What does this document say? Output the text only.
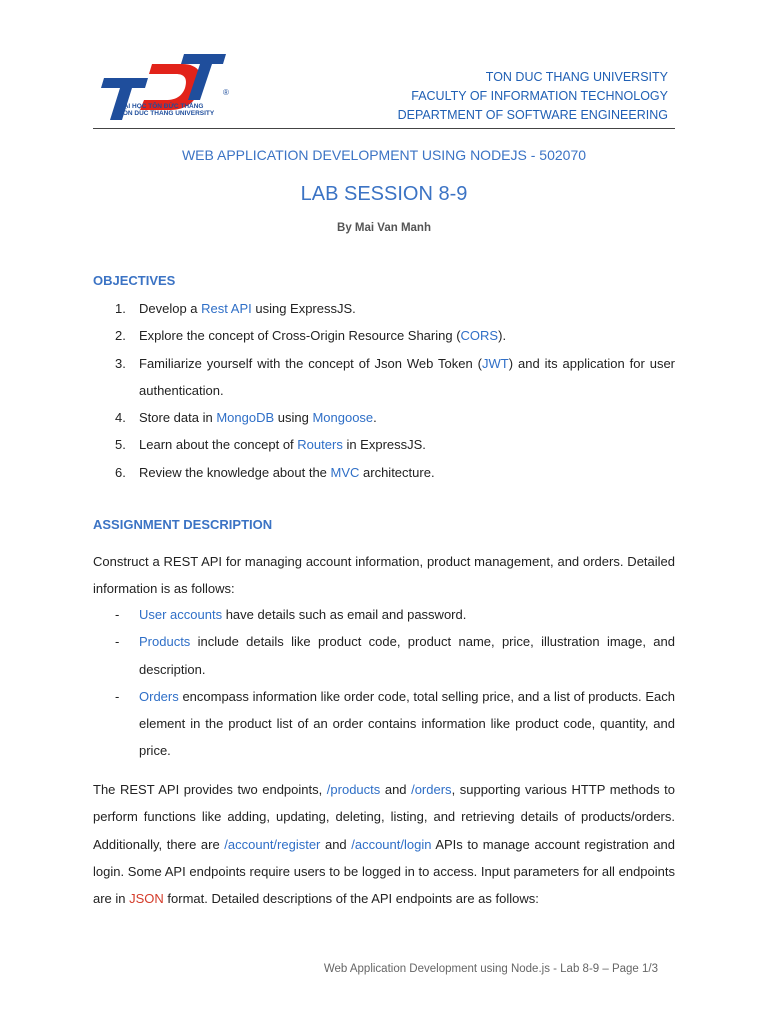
TDT
®
ĐẠI HỌC TÔN ĐỨC THẮNG
TON DUC THANG UNIVERSITY
TON DUC THANG UNIVERSITY
FACULTY OF INFORMATION TECHNOLOGY
DEPARTMENT OF SOFTWARE ENGINEERING
WEB APPLICATION DEVELOPMENT USING NODEJS - 502070
LAB SESSION 8-9
By Mai Van Manh
OBJECTIVES
1. Develop a Rest API using ExpressJS.
2. Explore the concept of Cross-Origin Resource Sharing (CORS).
3. Familiarize yourself with the concept of Json Web Token (JWT) and its application for user authentication.
4. Store data in MongoDB using Mongoose.
5. Learn about the concept of Routers in ExpressJS.
6. Review the knowledge about the MVC architecture.
ASSIGNMENT DESCRIPTION
Construct a REST API for managing account information, product management, and orders. Detailed information is as follows:
- User accounts have details such as email and password.
- Products include details like product code, product name, price, illustration image, and description.
- Orders encompass information like order code, total selling price, and a list of products. Each element in the product list of an order contains information like product code, quantity, and price.
The REST API provides two endpoints, /products and /orders, supporting various HTTP methods to perform functions like adding, updating, deleting, listing, and retrieving details of products/orders. Additionally, there are /account/register and /account/login APIs to manage account registration and login. Some API endpoints require users to be logged in to access. Input parameters for all endpoints are in JSON format. Detailed descriptions of the API endpoints are as follows:
Web Application Development using Node.js - Lab 8-9 – Page 1/3
